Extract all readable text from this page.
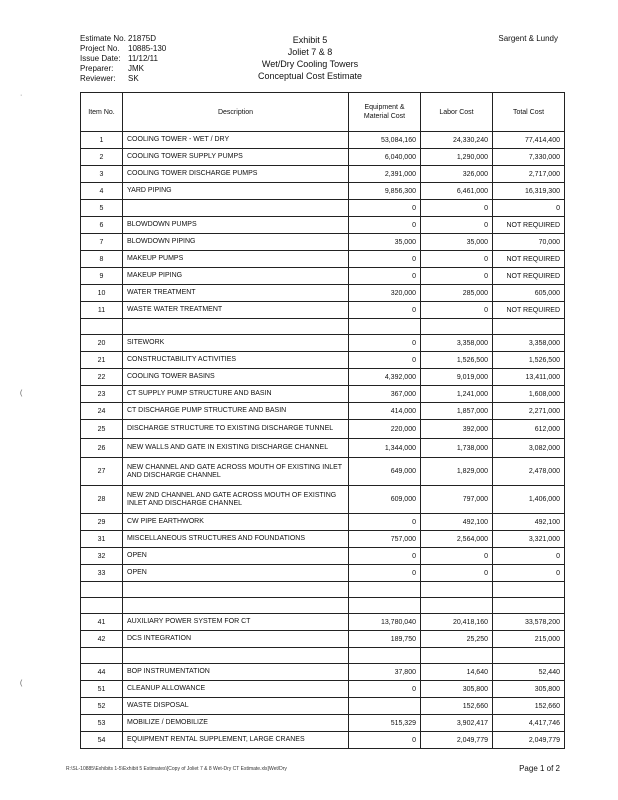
Estimate No. 21875D
Project No.	10885-130
Issue Date: 11/12/11
Preparer:	JMK
Reviewer:	SK
Exhibit 5
Joliet 7 & 8
Wet/Dry Cooling Towers
Conceptual Cost Estimate
Sargent & Lundy
·
(
(
Item No.	Description	Equipment & Material Cost	Labor Cost	Total Cost
1	COOLING TOWER - WET / DRY	53,084,160	24,330,240	77,414,400
2	COOLING TOWER SUPPLY PUMPS	6,040,000	1,290,000	7,330,000
3	COOLING TOWER DISCHARGE PUMPS	2,391,000	326,000	2,717,000
4	YARD PIPING	9,856,300	6,461,000	16,319,300
5		0	0	0
6	BLOWDOWN PUMPS	0	0	NOT REQUIRED
7	BLOWDOWN PIPING	35,000	35,000	70,000
8	MAKEUP PUMPS	0	0	NOT REQUIRED
9	MAKEUP PIPING	0	0	NOT REQUIRED
10	WATER TREATMENT	320,000	285,000	605,000
11	WASTE WATER TREATMENT	0	0	NOT REQUIRED

20	SITEWORK	0	3,358,000	3,358,000
21	CONSTRUCTABILITY ACTIVITIES	0	1,526,500	1,526,500
22	COOLING TOWER BASINS	4,392,000	9,019,000	13,411,000
23	CT SUPPLY PUMP STRUCTURE AND BASIN	367,000	1,241,000	1,608,000
24	CT DISCHARGE PUMP STRUCTURE AND BASIN	414,000	1,857,000	2,271,000
25	DISCHARGE STRUCTURE TO EXISTING DISCHARGE TUNNEL	220,000	392,000	612,000
26	NEW WALLS AND GATE IN EXISTING DISCHARGE CHANNEL	1,344,000	1,738,000	3,082,000
27	NEW CHANNEL AND GATE ACROSS MOUTH OF EXISTING INLET AND DISCHARGE CHANNEL	649,000	1,829,000	2,478,000
28	NEW 2ND CHANNEL AND GATE ACROSS MOUTH OF EXISTING INLET AND DISCHARGE CHANNEL	609,000	797,000	1,406,000
29	CW PIPE EARTHWORK	0	492,100	492,100
31	MISCELLANEOUS STRUCTURES AND FOUNDATIONS	757,000	2,564,000	3,321,000
32	OPEN	0	0	0
33	OPEN	0	0	0

41	AUXILIARY POWER SYSTEM FOR CT	13,780,040	20,418,160	33,578,200
42	DCS INTEGRATION	189,750	25,250	215,000

44	BOP INSTRUMENTATION	37,800	14,640	52,440
51	CLEANUP ALLOWANCE	0	305,800	305,800
52	WASTE DISPOSAL		152,660	152,660
53	MOBILIZE / DEMOBILIZE	515,329	3,902,417	4,417,746
54	EQUIPMENT RENTAL SUPPLEMENT, LARGE CRANES	0	2,049,779	2,049,779
R:\SL-10885\Exhibits 1-5\Exhibit 5 Estimates\[Copy of Joliet 7 & 8 Wet-Dry CT Estimate.xls]Wet/Dry	Page 1 of 2
